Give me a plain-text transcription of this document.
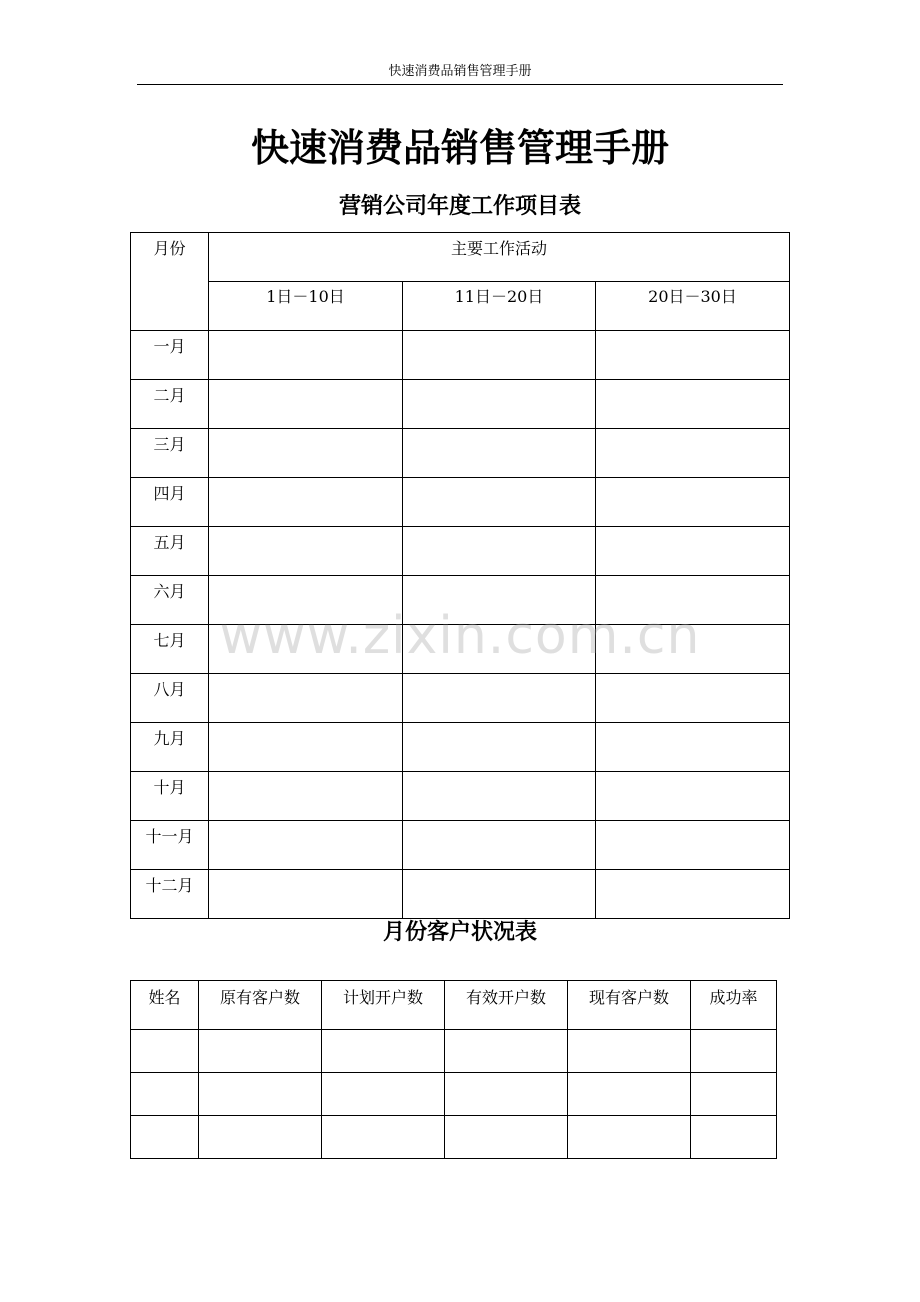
快速消费品销售管理手册
快速消费品销售管理手册
营销公司年度工作项目表
月份	主要工作活动		

	1日－10日	11日－20日	20日－30日

一月			

二月			

三月			

四月			

五月			

六月			

七月			

八月			

九月			

十月			

十一月			

十二月			

月份客户状况表
姓名	原有客户数	计划开户数	有效开户数	现有客户数	成功率

www.zixin.com.cn
